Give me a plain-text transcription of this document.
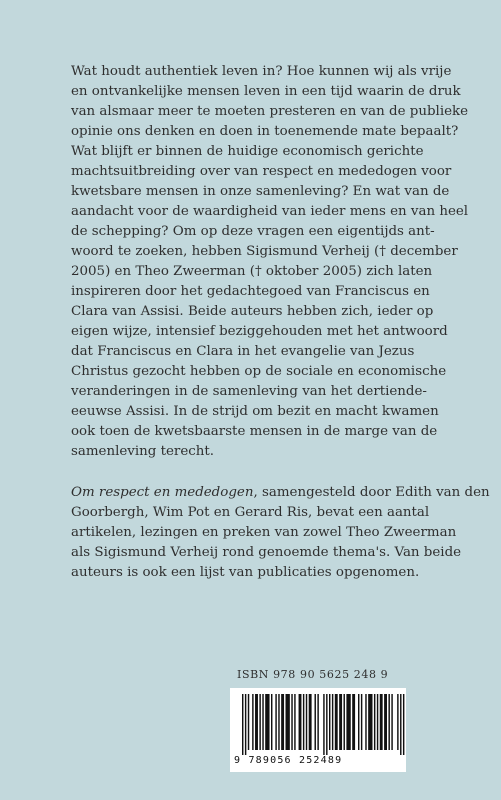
Wat houdt authentiek leven in? Hoe kunnen wij als vrije
en ontvankelijke mensen leven in een tijd waarin de druk
van alsmaar meer te moeten presteren en van de publieke
opinie ons denken en doen in toenemende mate bepaalt?
Wat blijft er binnen de huidige economisch gerichte
machtsuitbreiding over van respect en mededogen voor
kwetsbare mensen in onze samenleving? En wat van de
aandacht voor de waardigheid van ieder mens en van heel
de schepping? Om op deze vragen een eigentijds ant-
woord te zoeken, hebben Sigismund Verheij († december
2005) en Theo Zweerman († oktober 2005) zich laten
inspireren door het gedachtegoed van Franciscus en
Clara van Assisi. Beide auteurs hebben zich, ieder op
eigen wijze, intensief beziggehouden met het antwoord
dat Franciscus en Clara in het evangelie van Jezus
Christus gezocht hebben op de sociale en economische
veranderingen in de samenleving van het dertiende-
eeuwse Assisi. In de strijd om bezit en macht kwamen
ook toen de kwetsbaarste mensen in de marge van de
samenleving terecht.
Om respect en mededogen, samengesteld door Edith van den
Goorbergh, Wim Pot en Gerard Ris, bevat een aantal
artikelen, lezingen en preken van zowel Theo Zweerman
als Sigismund Verheij rond genoemde thema's. Van beide
auteurs is ook een lijst van publicaties opgenomen.
ISBN 978 90 5625 248 9
9 789056 252489
